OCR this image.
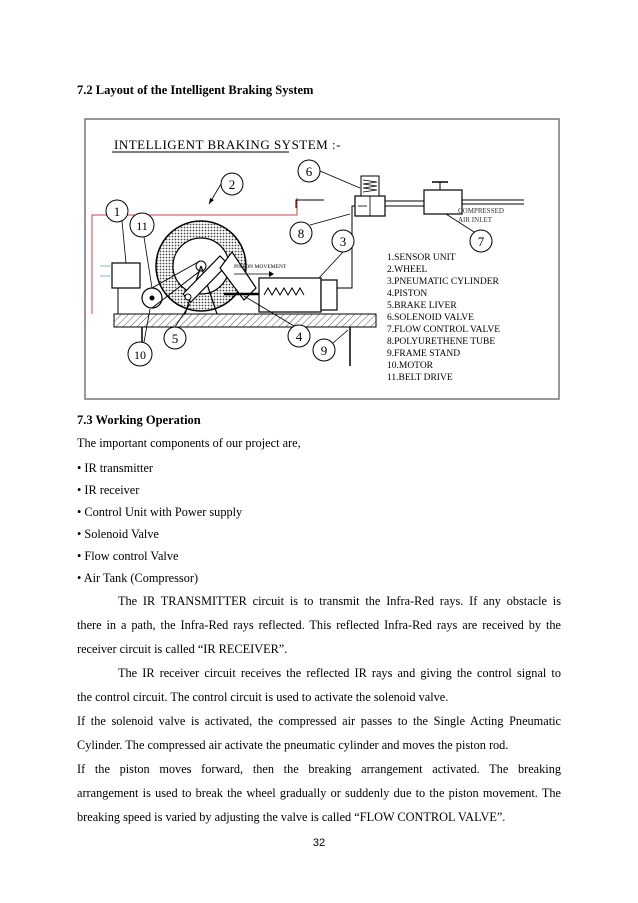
7.2 Layout of the Intelligent Braking System
INTELLIGENT BRAKING SYSTEM :-
PISTON MOVEMENT
COMPRESSED
AIR INLET
1
2
3
4
5
6
7
8
9
10
11
1.SENSOR UNIT
2.WHEEL
3.PNEUMATIC CYLINDER
4.PISTON
5.BRAKE LIVER
6.SOLENOID VALVE
7.FLOW CONTROL VALVE
8.POLYURETHENE TUBE
9.FRAME STAND
10.MOTOR
11.BELT DRIVE
7.3 Working Operation
The important components of our project are,
• IR transmitter
• IR receiver
• Control Unit with Power supply
• Solenoid Valve
• Flow control Valve
• Air Tank (Compressor)
The IR TRANSMITTER circuit is to transmit the Infra-Red rays. If any obstacle is
there in a path, the Infra-Red rays reflected. This reflected Infra-Red rays are received by the
receiver circuit is called “IR RECEIVER”.
The IR receiver circuit receives the reflected IR rays and giving the control signal to
the control circuit. The control circuit is used to activate the solenoid valve.
If the solenoid valve is activated, the compressed air passes to the Single Acting Pneumatic
Cylinder. The compressed air activate the pneumatic cylinder and moves the piston rod.
If the piston moves forward, then the breaking arrangement activated. The breaking
arrangement is used to break the wheel gradually or suddenly due to the piston movement. The
breaking speed is varied by adjusting the valve is called “FLOW CONTROL VALVE”.
32
